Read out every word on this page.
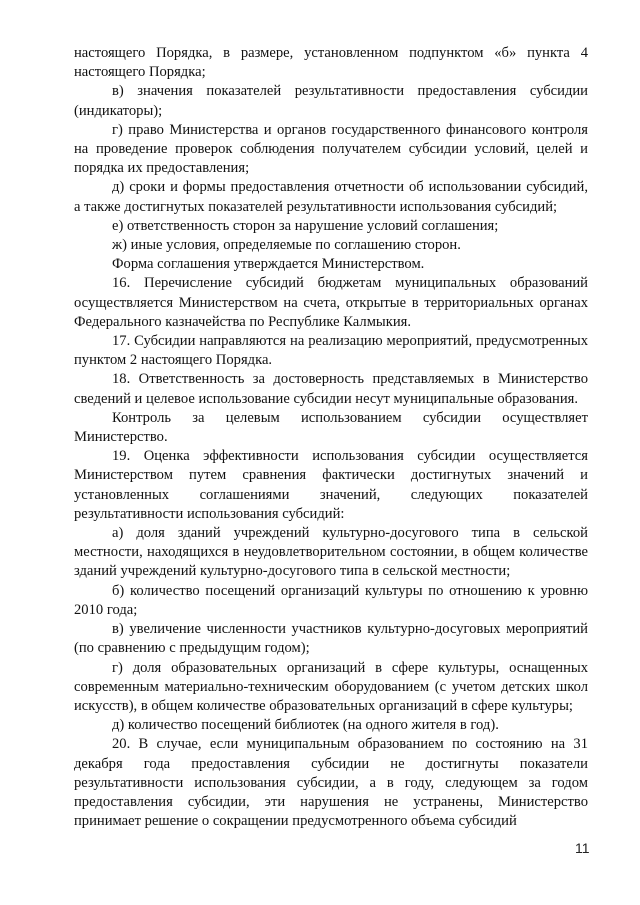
настоящего Порядка, в размере, установленном подпунктом «б» пункта 4 настоящего Порядка;

в) значения показателей результативности предоставления субсидии (индикаторы);

г) право Министерства и органов государственного финансового контроля на проведение проверок соблюдения получателем субсидии условий, целей и порядка их предоставления;

д) сроки и формы предоставления отчетности об использовании субсидий, а также достигнутых показателей результативности использования субсидий;

е) ответственность сторон за нарушение условий соглашения;

ж) иные условия, определяемые по соглашению сторон.

Форма соглашения утверждается Министерством.

16. Перечисление субсидий бюджетам муниципальных образований осуществляется Министерством на счета, открытые в территориальных органах Федерального казначейства по Республике Калмыкия.

17. Субсидии направляются на реализацию мероприятий, предусмотренных пунктом 2 настоящего Порядка.

18. Ответственность за достоверность представляемых в Министерство сведений и целевое использование субсидии несут муниципальные образования.

Контроль за целевым использованием субсидии осуществляет Министерство.

19. Оценка эффективности использования субсидии осуществляется Министерством путем сравнения фактически достигнутых значений и установленных соглашениями значений, следующих показателей результативности использования субсидий:

а) доля зданий учреждений культурно-досугового типа в сельской местности, находящихся в неудовлетворительном состоянии, в общем количестве зданий учреждений культурно-досугового типа в сельской местности;

б) количество посещений организаций культуры по отношению к уровню 2010 года;

в) увеличение численности участников культурно-досуговых мероприятий (по сравнению с предыдущим годом);

г) доля образовательных организаций в сфере культуры, оснащенных современным материально-техническим оборудованием (с учетом детских школ искусств), в общем количестве образовательных организаций в сфере культуры;

д) количество посещений библиотек (на одного жителя в год).

20. В случае, если муниципальным образованием по состоянию на 31 декабря года предоставления субсидии не достигнуты показатели результативности использования субсидии, а в году, следующем за годом предоставления субсидии, эти нарушения не устранены, Министерство принимает решение о сокращении предусмотренного объема субсидий

11
